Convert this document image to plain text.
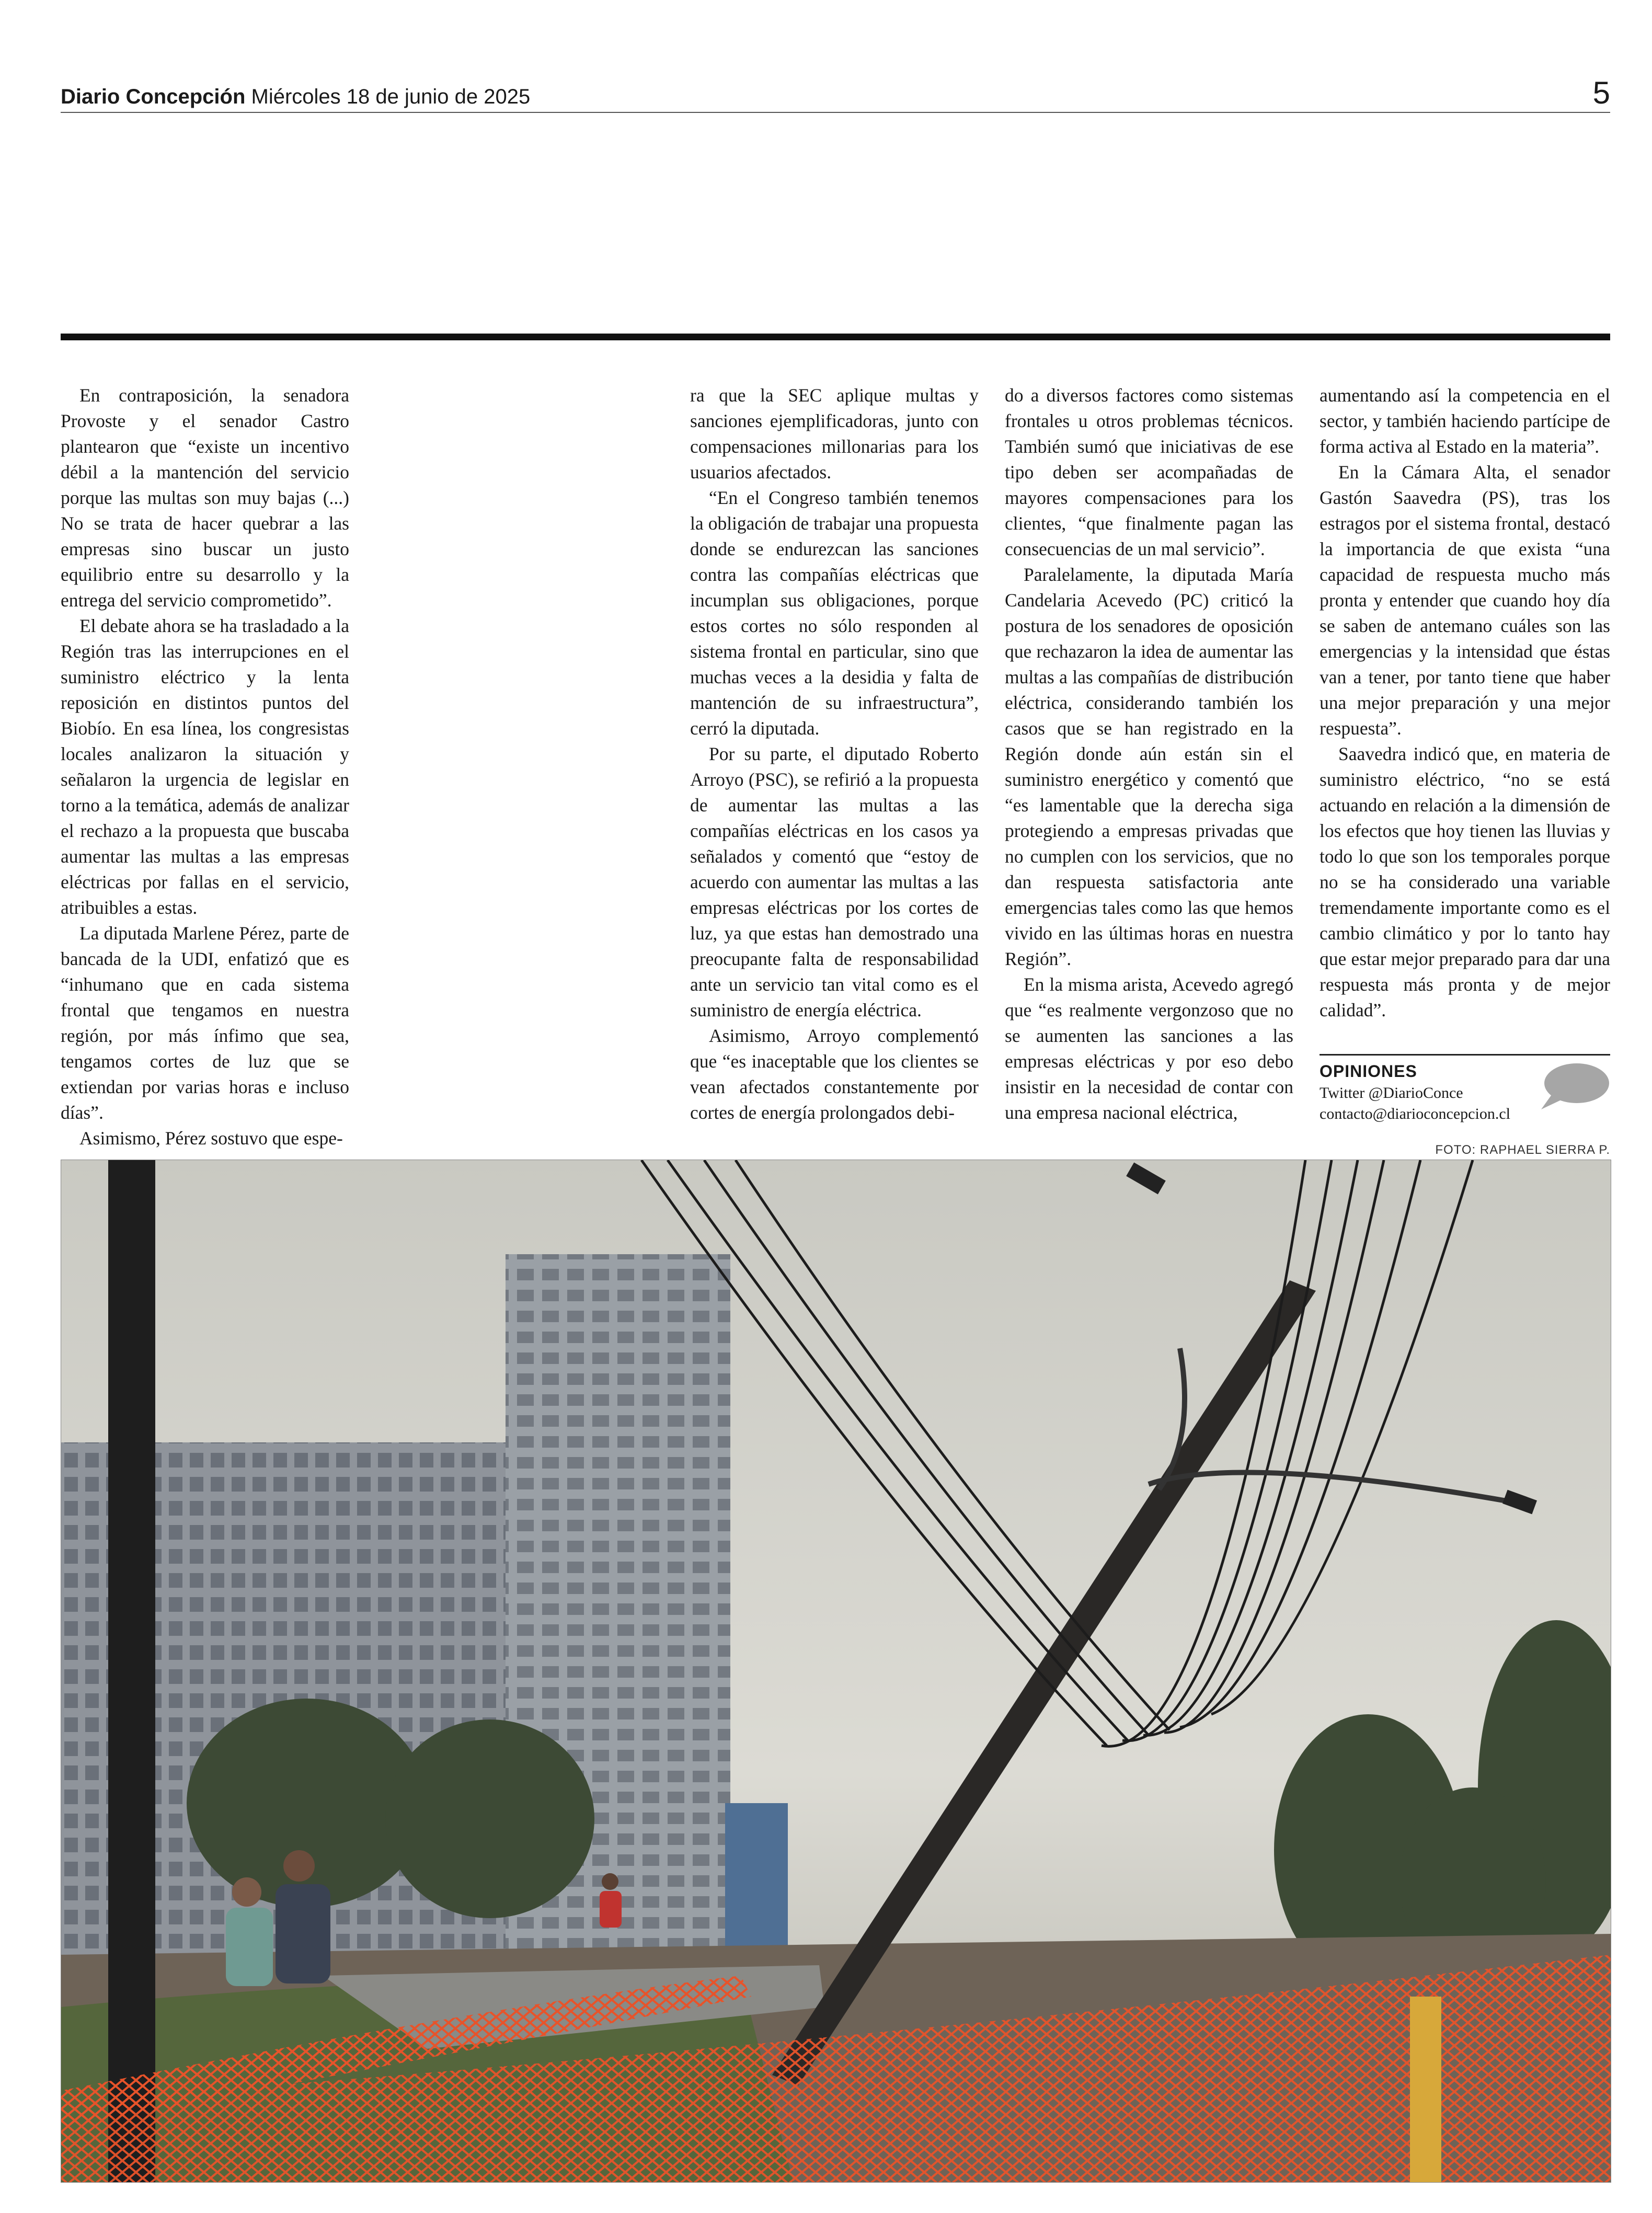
Diario Concepción Miércoles 18 de junio de 2025	5

En contraposición, la senadora Provoste y el senador Castro plantearon que “existe un incentivo débil a la mantención del servicio porque las multas son muy bajas (...) No se trata de hacer quebrar a las empresas sino buscar un justo equilibrio entre su desarrollo y la entrega del servicio comprometido”.

El debate ahora se ha trasladado a la Región tras las interrupciones en el suministro eléctrico y la lenta reposición en distintos puntos del Biobío. En esa línea, los congresistas locales analizaron la situación y señalaron la urgencia de legislar en torno a la temática, además de analizar el rechazo a la propuesta que buscaba aumentar las multas a las empresas eléctricas por fallas en el servicio, atribuibles a estas.

La diputada Marlene Pérez, parte de bancada de la UDI, enfatizó que es “inhumano que en cada sistema frontal que tengamos en nuestra región, por más ínfimo que sea, tengamos cortes de luz que se extiendan por varias horas e incluso días”.

Asimismo, Pérez sostuvo que espe-

ra que la SEC aplique multas y sanciones ejemplificadoras, junto con compensaciones millonarias para los usuarios afectados.

“En el Congreso también tenemos la obligación de trabajar una propuesta donde se endurezcan las sanciones contra las compañías eléctricas que incumplan sus obligaciones, porque estos cortes no sólo responden al sistema frontal en particular, sino que muchas veces a la desidia y falta de mantención de su infraestructura”, cerró la diputada.

Por su parte, el diputado Roberto Arroyo (PSC), se refirió a la propuesta de aumentar las multas a las compañías eléctricas en los casos ya señalados y comentó que “estoy de acuerdo con aumentar las multas a las empresas eléctricas por los cortes de luz, ya que estas han demostrado una preocupante falta de responsabilidad ante un servicio tan vital como es el suministro de energía eléctrica.

Asimismo, Arroyo complementó que “es inaceptable que los clientes se vean afectados constantemente por cortes de energía prolongados debi-

do a diversos factores como sistemas frontales u otros problemas técnicos. También sumó que iniciativas de ese tipo deben ser acompañadas de mayores compensaciones para los clientes, “que finalmente pagan las consecuencias de un mal servicio”.

Paralelamente, la diputada María Candelaria Acevedo (PC) criticó la postura de los senadores de oposición que rechazaron la idea de aumentar las multas a las compañías de distribución eléctrica, considerando también los casos que se han registrado en la Región donde aún están sin el suministro energético y comentó que “es lamentable que la derecha siga protegiendo a empresas privadas que no cumplen con los servicios, que no dan respuesta satisfactoria ante emergencias tales como las que hemos vivido en las últimas horas en nuestra Región”.

En la misma arista, Acevedo agregó que “es realmente vergonzoso que no se aumenten las sanciones a las empresas eléctricas y por eso debo insistir en la necesidad de contar con una empresa nacional eléctrica,

aumentando así la competencia en el sector, y también haciendo partícipe de forma activa al Estado en la materia”.

En la Cámara Alta, el senador Gastón Saavedra (PS), tras los estragos por el sistema frontal, destacó la importancia de que exista “una capacidad de respuesta mucho más pronta y entender que cuando hoy día se saben de antemano cuáles son las emergencias y la intensidad que éstas van a tener, por tanto tiene que haber una mejor preparación y una mejor respuesta”.

Saavedra indicó que, en materia de suministro eléctrico, “no se está actuando en relación a la dimensión de los efectos que hoy tienen las lluvias y todo lo que son los temporales porque no se ha considerado una variable tremendamente importante como es el cambio climático y por lo tanto hay que estar mejor preparado para dar una respuesta más pronta y de mejor calidad”.

OPINIONES
Twitter @DiarioConce
contacto@diarioconcepcion.cl
FOTO: RAPHAEL SIERRA P.
